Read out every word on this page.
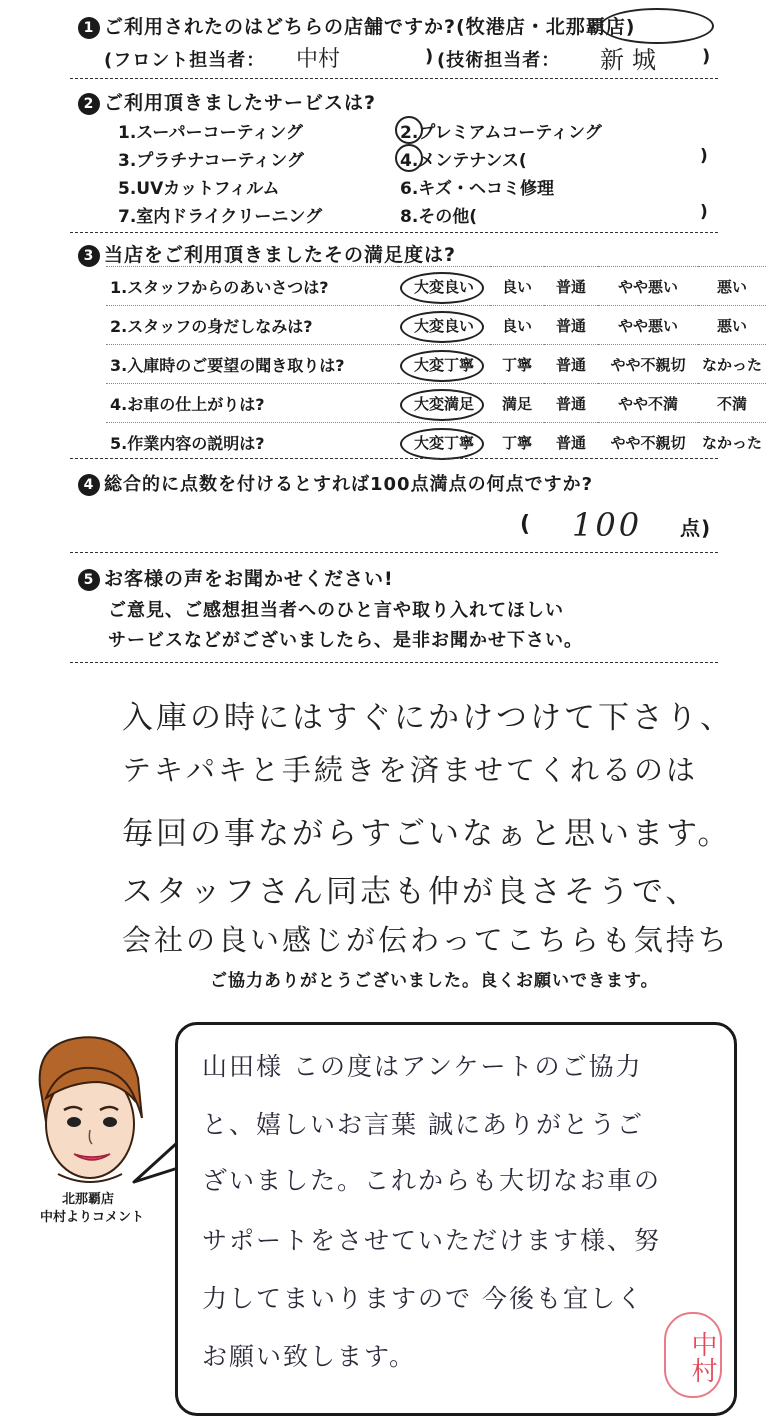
1 ご利用されたのはどちらの店舗ですか?(牧港店・北那覇店)
(フロント担当者： 中村	) (技術担当者： 新城 )
2 ご利用頂きましたサービスは?
1.スーパーコーティング	2.プレミアムコーティング
3.プラチナコーティング	4.メンテナンス(	)
5.UVカットフィルム	6.キズ・ヘコミ修理
7.室内ドライクリーニング	8.その他(	)
3 当店をご利用頂きましたその満足度は?
1.スタッフからのあいさつは?	大変良い	良い	普通	やや悪い	悪い
2.スタッフの身だしなみは?	大変良い	良い	普通	やや悪い	悪い
3.入庫時のご要望の聞き取りは?	大変丁寧	丁寧	普通	やや不親切	なかった
4.お車の仕上がりは?	大変満足	満足	普通	やや不満	不満
5.作業内容の説明は?	大変丁寧	丁寧	普通	やや不親切	なかった
4 総合的に点数を付けるとすれば100点満点の何点ですか?
( 100 点)
5 お客様の声をお聞かせください!
ご意見、ご感想担当者へのひと言や取り入れてほしい
サービスなどがございましたら、是非お聞かせ下さい。
入庫の時にはすぐにかけつけて下さり、
テキパキと手続きを済ませてくれるのは
毎回の事ながらすごいなぁと思います。
スタッフさん同志も仲が良さそうで、
会社の良い感じが伝わってこちらも気持ち
ご協力ありがとうございました。良くお願いできます。
北那覇店
中村よりコメント
山田様 この度はアンケートのご協力
と、嬉しいお言葉 誠にありがとうご
ざいました。これからも大切なお車の
サポートをさせていただけます様、努
力してまいりますので 今後も宜しく
お願い致します。	中村
